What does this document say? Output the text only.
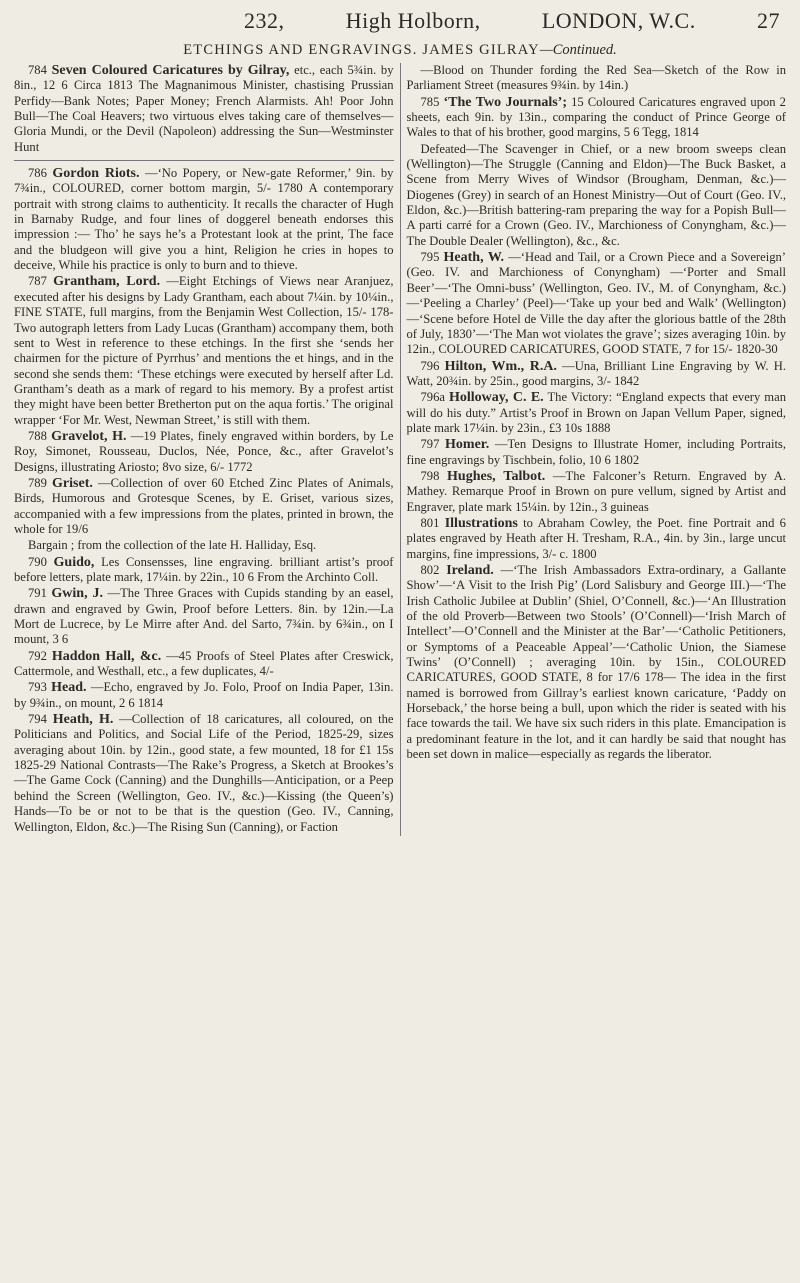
232,	High Holborn,	LONDON, W.C.	27
ETCHINGS AND ENGRAVINGS. JAMES GILRAY—Continued.

784 Seven Coloured Caricatures by Gilray, etc., each 5¾in. by 8in., 12 6 Circa 1813 The Magnanimous Minister, chastising Prussian Perfidy—Bank Notes; Paper Money; French Alarmists. Ah! Poor John Bull—The Coal Heavers; two virtuous elves taking care of themselves—Gloria Mundi, or the Devil (Napoleon) addressing the Sun—Westminster Hunt

786 Gordon Riots. —‘No Popery, or New-gate Reformer,’ 9in. by 7¾in., COLOURED, corner bottom margin, 5/- 1780 A contemporary portrait with strong claims to authenticity. It recalls the character of Hugh in Barnaby Rudge, and four lines of doggerel beneath endorses this impression :— Tho’ he says he’s a Protestant look at the print, The face and the bludgeon will give you a hint, Religion he cries in hopes to deceive, While his practice is only to burn and to thieve.

787 Grantham, Lord. —Eight Etchings of Views near Aranjuez, executed after his designs by Lady Grantham, each about 7¼in. by 10¼in., FINE STATE, full margins, from the Benjamin West Collection, 15/- 178- Two autograph letters from Lady Lucas (Grantham) accompany them, both sent to West in reference to these etchings. In the first she ‘sends her chairmen for the picture of Pyrrhus’ and mentions the et hings, and in the second she sends them: ‘These etchings were executed by herself after Ld. Grantham’s death as a mark of regard to his memory. By a profest artist they might have been better Bretherton put on the aqua fortis.’ The original wrapper ‘For Mr. West, Newman Street,’ is still with them.

788 Gravelot, H. —19 Plates, finely engraved within borders, by Le Roy, Simonet, Rousseau, Duclos, Née, Ponce, &c., after Gravelot’s Designs, illustrating Ariosto; 8vo size, 6/- 1772

789 Griset. —Collection of over 60 Etched Zinc Plates of Animals, Birds, Humorous and Grotesque Scenes, by E. Griset, various sizes, accompanied with a few impressions from the plates, printed in brown, the whole for 19/6

Bargain ; from the collection of the late H. Halliday, Esq.

790 Guido, Les Consensses, line engraving. brilliant artist’s proof before letters, plate mark, 17¼in. by 22in., 10 6 From the Archinto Coll.

791 Gwin, J. —The Three Graces with Cupids standing by an easel, drawn and engraved by Gwin, Proof before Letters. 8in. by 12in.—La Mort de Lucrece, by Le Mirre after And. del Sarto, 7¾in. by 6¾in., on I mount, 3 6

792 Haddon Hall, &c. —45 Proofs of Steel Plates after Creswick, Cattermole, and Westhall, etc., a few duplicates, 4/-

793 Head. —Echo, engraved by Jo. Folo, Proof on India Paper, 13in. by 9¾in., on mount, 2 6 1814

794 Heath, H. —Collection of 18 caricatures, all coloured, on the Politicians and Politics, and Social Life of the Period, 1825-29, sizes averaging about 10in. by 12in., good state, a few mounted, 18 for £1 15s 1825-29 National Contrasts—The Rake’s Progress, a Sketch at Brookes’s—The Game Cock (Canning) and the Dunghills—Anticipation, or a Peep behind the Screen (Wellington, Geo. IV., &c.)—Kissing (the Queen’s) Hands—To be or not to be that is the question (Geo. IV., Canning, Wellington, Eldon, &c.)—The Rising Sun (Canning), or Faction

—Blood on Thunder fording the Red Sea—Sketch of the Row in Parliament Street (measures 9¾in. by 14in.)

785 ‘The Two Journals’; 15 Coloured Caricatures engraved upon 2 sheets, each 9in. by 13in., comparing the conduct of Prince George of Wales to that of his brother, good margins, 5 6 Tegg, 1814

Defeated—The Scavenger in Chief, or a new broom sweeps clean (Wellington)—The Struggle (Canning and Eldon)—The Buck Basket, a Scene from Merry Wives of Windsor (Brougham, Denman, &c.)—Diogenes (Grey) in search of an Honest Ministry—Out of Court (Geo. IV., Eldon, &c.)—British battering-ram preparing the way for a Popish Bull—A parti carré for a Crown (Geo. IV., Marchioness of Conyngham, &c.)—The Double Dealer (Wellington), &c., &c.

795 Heath, W. —‘Head and Tail, or a Crown Piece and a Sovereign’ (Geo. IV. and Marchioness of Conyngham) —‘Porter and Small Beer’—‘The Omni-buss’ (Wellington, Geo. IV., M. of Conyngham, &c.)—‘Peeling a Charley’ (Peel)—‘Take up your bed and Walk’ (Wellington)—‘Scene before Hotel de Ville the day after the glorious battle of the 28th of July, 1830’—‘The Man wot violates the grave’; sizes averaging 10in. by 12in., COLOURED CARICATURES, GOOD STATE, 7 for 15/- 1820-30

796 Hilton, Wm., R.A. —Una, Brilliant Line Engraving by W. H. Watt, 20¾in. by 25in., good margins, 3/- 1842

796a Holloway, C. E. The Victory: “England expects that every man will do his duty.” Artist’s Proof in Brown on Japan Vellum Paper, signed, plate mark 17¼in. by 23in., £3 10s 1888

797 Homer. —Ten Designs to Illustrate Homer, including Portraits, fine engravings by Tischbein, folio, 10 6 1802

798 Hughes, Talbot. —The Falconer’s Return. Engraved by A. Mathey. Remarque Proof in Brown on pure vellum, signed by Artist and Engraver, plate mark 15¼in. by 12in., 3 guineas

801 Illustrations to Abraham Cowley, the Poet. fine Portrait and 6 plates engraved by Heath after H. Tresham, R.A., 4in. by 3in., large uncut margins, fine impressions, 3/- c. 1800

802 Ireland. —‘The Irish Ambassadors Extra-ordinary, a Gallante Show’—‘A Visit to the Irish Pig’ (Lord Salisbury and George III.)—‘The Irish Catholic Jubilee at Dublin’ (Shiel, O’Connell, &c.)—‘An Illustration of the old Proverb—Between two Stools’ (O’Connell)—‘Irish March of Intellect’—O’Connell and the Minister at the Bar’—‘Catholic Petitioners, or Symptoms of a Peaceable Appeal’—‘Catholic Union, the Siamese Twins’ (O’Connell) ; averaging 10in. by 15in., COLOURED CARICATURES, GOOD STATE, 8 for 17/6 178— The idea in the first named is borrowed from Gillray’s earliest known caricature, ‘Paddy on Horseback,’ the horse being a bull, upon which the rider is seated with his face towards the tail. We have six such riders in this plate. Emancipation is a predominant feature in the lot, and it can hardly be said that nought has been set down in malice—especially as regards the liberator.
